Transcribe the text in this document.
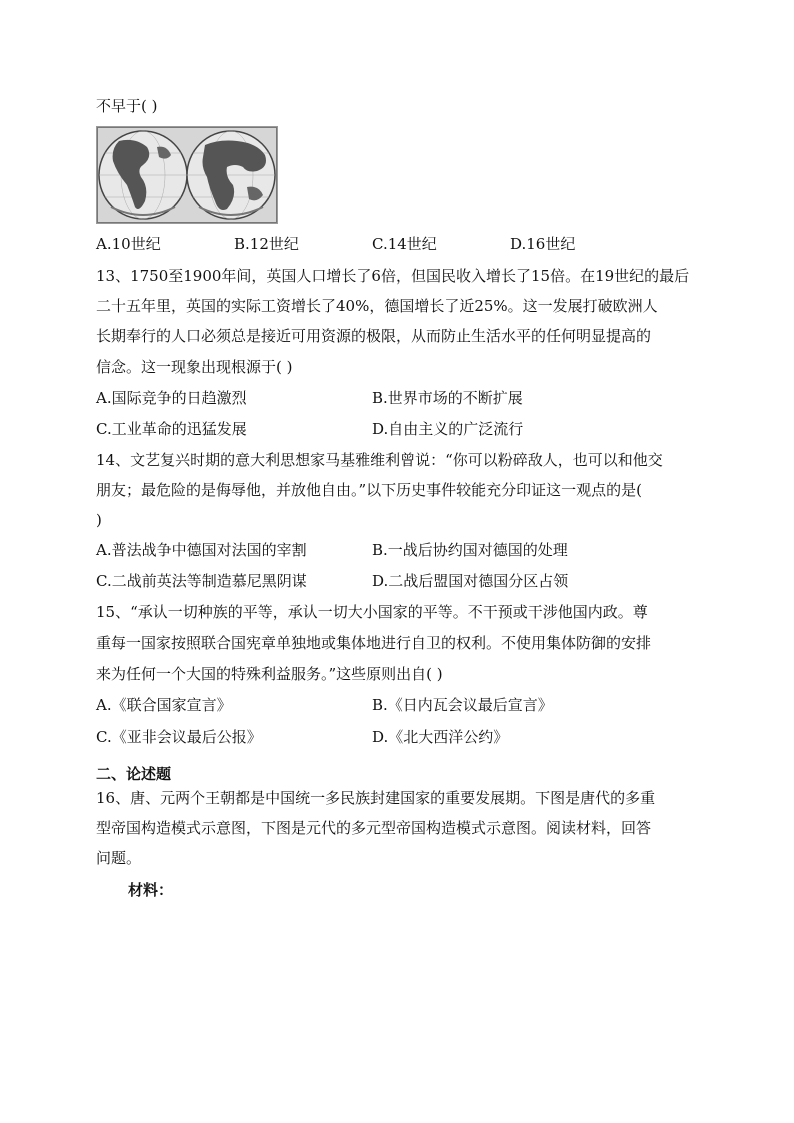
不早于( )
A.10世纪	B.12世纪	C.14世纪	D.16世纪
13、1750至1900年间，英国人口增长了6倍，但国民收入增长了15倍。在19世纪的最后
二十五年里，英国的实际工资增长了40%，德国增长了近25%。这一发展打破欧洲人
长期奉行的人口必须总是接近可用资源的极限，从而防止生活水平的任何明显提高的
信念。这一现象出现根源于( )
A.国际竞争的日趋激烈	B.世界市场的不断扩展
C.工业革命的迅猛发展	D.自由主义的广泛流行
14、文艺复兴时期的意大利思想家马基雅维利曾说：“你可以粉碎敌人，也可以和他交
朋友；最危险的是侮辱他，并放他自由。”以下历史事件较能充分印证这一观点的是(
)
A.普法战争中德国对法国的宰割	B.一战后协约国对德国的处理
C.二战前英法等制造慕尼黑阴谋	D.二战后盟国对德国分区占领
15、“承认一切种族的平等，承认一切大小国家的平等。不干预或干涉他国内政。尊
重每一国家按照联合国宪章单独地或集体地进行自卫的权利。不使用集体防御的安排
来为任何一个大国的特殊利益服务。”这些原则出自( )
A.《联合国家宣言》	B.《日内瓦会议最后宣言》
C.《亚非会议最后公报》	D.《北大西洋公约》
二、论述题
16、唐、元两个王朝都是中国统一多民族封建国家的重要发展期。下图是唐代的多重
型帝国构造模式示意图，下图是元代的多元型帝国构造模式示意图。阅读材料，回答
问题。
材料：
